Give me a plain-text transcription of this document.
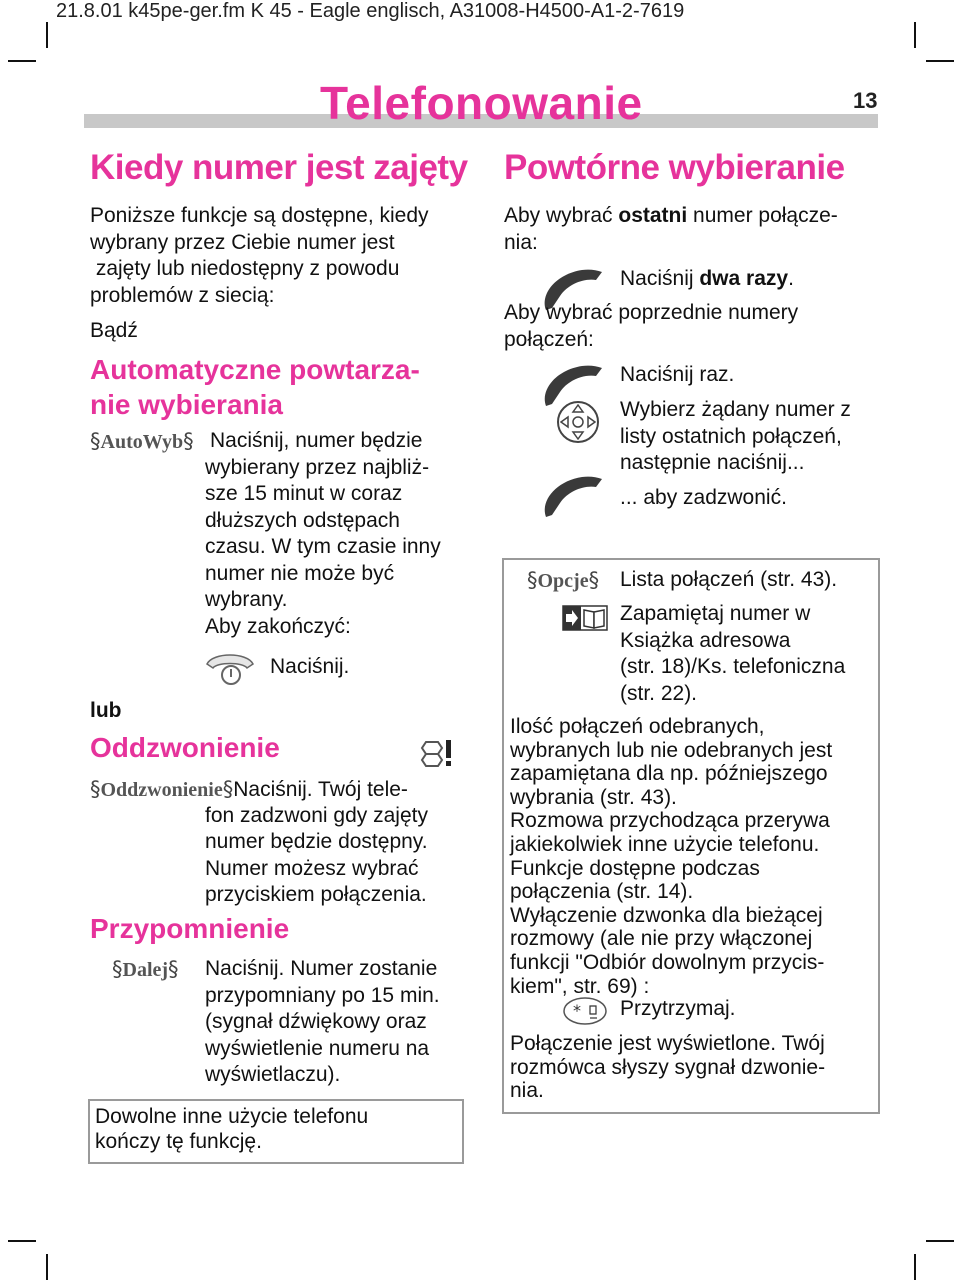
21.8.01 k45pe-ger.fm K 45 - Eagle englisch, A31008-H4500-A1-2-7619
Telefonowanie	13
Kiedy numer jest zajęty
Poniższe funkcje są dostępne, kiedy
wybrany przez Ciebie numer jest
zajęty lub niedostępny z powodu
problemów z siecią:
Bądź
Automatyczne powtarza-
nie wybierania
§AutoWyb§ Naciśnij, numer będzie
wybierany przez najbliż-
sze 15 minut w coraz
dłuższych odstępach
czasu. W tym czasie inny
numer nie może być
wybrany.
Aby zakończyć:
Naciśnij.
lub
Oddzwonienie
§Oddzwonienie§Naciśnij. Twój tele-
fon zadzwoni gdy zajęty
numer będzie dostępny.
Numer możesz wybrać
przyciskiem połączenia.
Przypomnienie
§Dalej§ Naciśnij. Numer zostanie
przypomniany po 15 min.
(sygnał dźwiękowy oraz
wyświetlenie numeru na
wyświetlaczu).
Dowolne inne użycie telefonu
kończy tę funkcję.
Powtórne wybieranie
Aby wybrać ostatni numer połącze-
nia:
Naciśnij dwa razy.
Aby wybrać poprzednie numery
połączeń:
Naciśnij raz.
Wybierz żądany numer z
listy ostatnich połączeń,
następnie naciśnij...
... aby zadzwonić.
§Opcje§ Lista połączeń (str. 43).
Zapamiętaj numer w
Książka adresowa
(str. 18)/Ks. telefoniczna
(str. 22).
Ilość połączeń odebranych,
wybranych lub nie odebranych jest
zapamiętana dla np. późniejszego
wybrania (str. 43).
Rozmowa przychodząca przerywa
jakiekolwiek inne użycie telefonu.
Funkcje dostępne podczas
połączenia (str. 14).
Wyłączenie dzwonka dla bieżącej
rozmowy (ale nie przy włączonej
funkcji "Odbiór dowolnym przycis-
kiem", str. 69) :
* Przytrzymaj.
Połączenie jest wyświetlone. Twój
rozmówca słyszy sygnał dzwonie-
nia.
